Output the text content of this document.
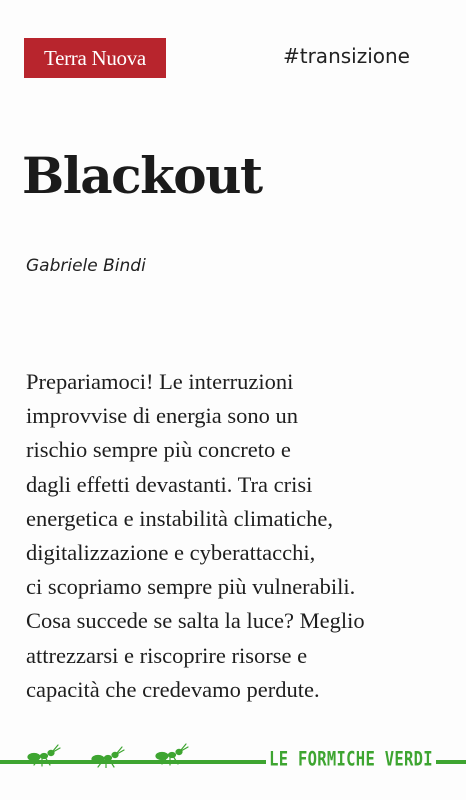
Terra Nuova	#transizione
Blackout
Gabriele Bindi
Prepariamoci! Le interruzioni
improvvise di energia sono un
rischio sempre più concreto e
dagli effetti devastanti. Tra crisi
energetica e instabilità climatiche,
digitalizzazione e cyberattacchi,
ci scopriamo sempre più vulnerabili.
Cosa succede se salta la luce? Meglio
attrezzarsi e riscoprire risorse e
capacità che credevamo perdute.
LE FORMICHE VERDI
